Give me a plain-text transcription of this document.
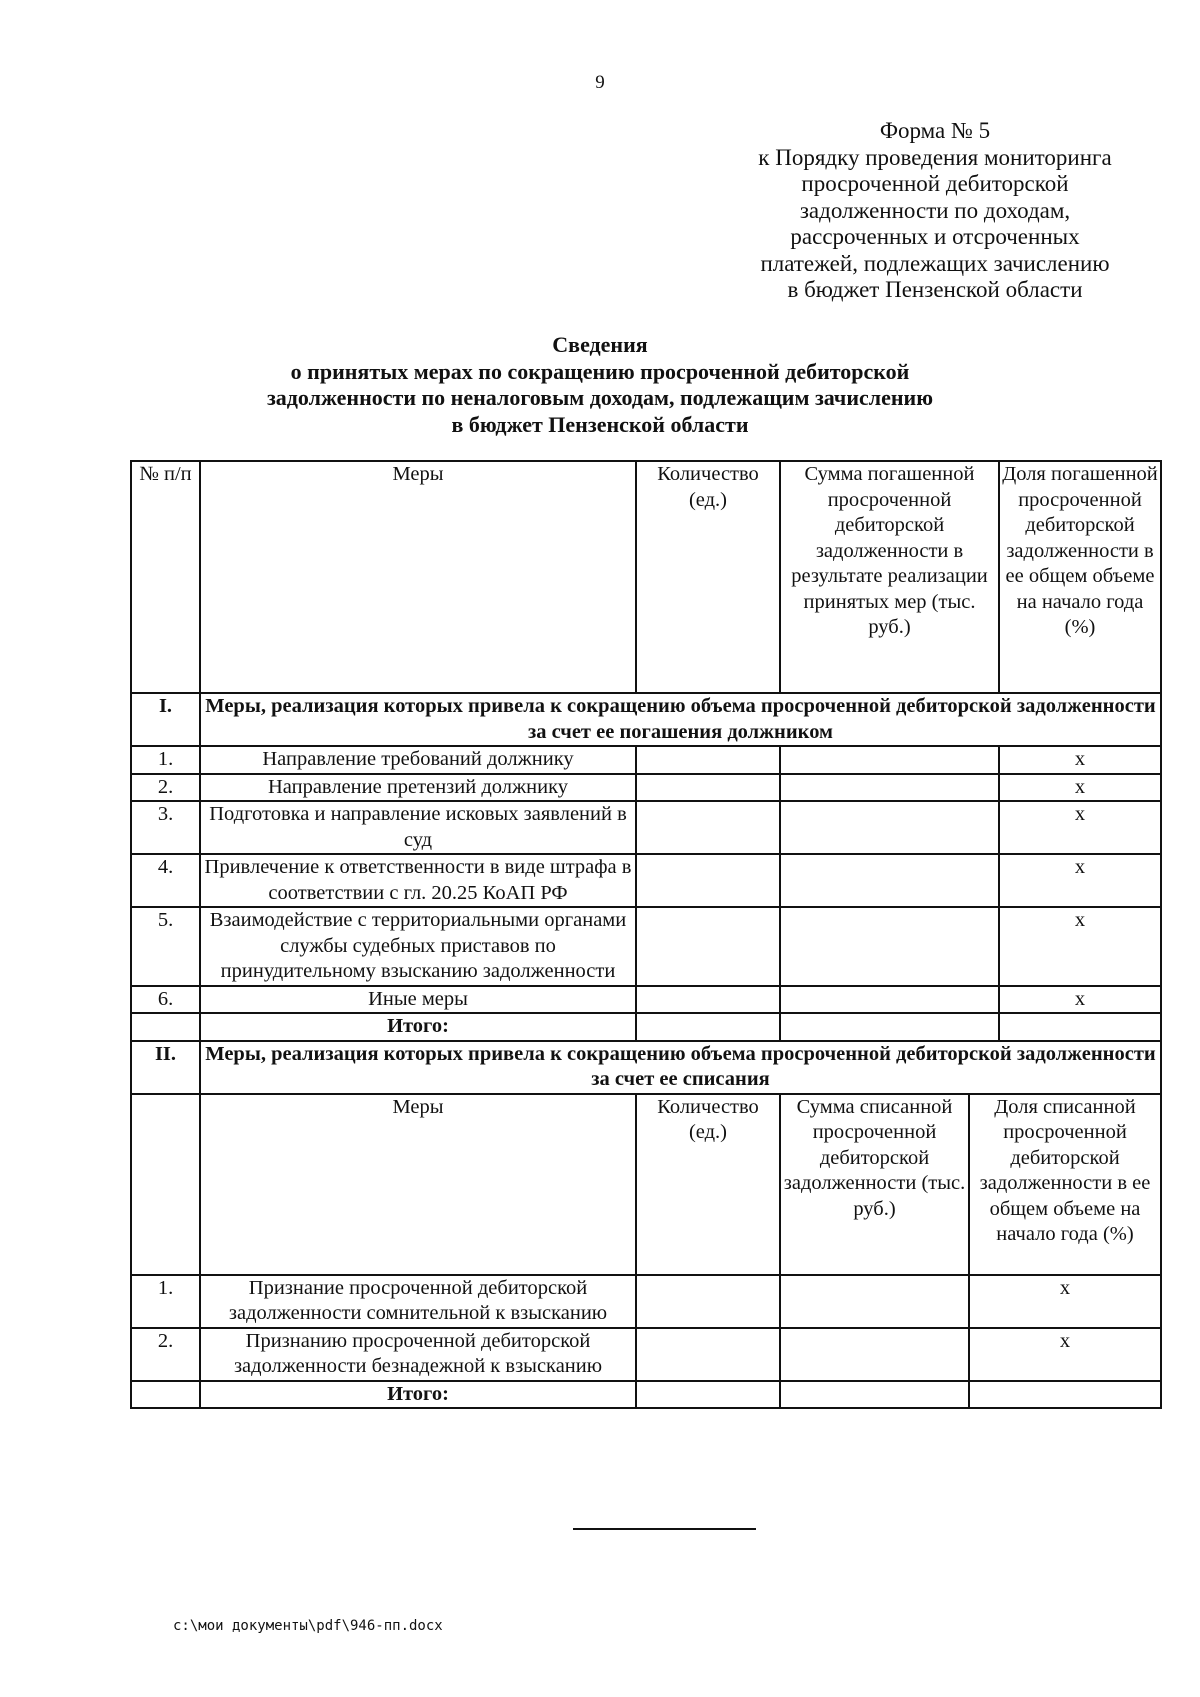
9
Форма № 5
к Порядку проведения мониторинга
просроченной дебиторской
задолженности по доходам,
рассроченных и отсроченных
платежей, подлежащих зачислению
в бюджет Пензенской области
Сведения
о принятых мерах по сокращению просроченной дебиторской
задолженности по неналоговым доходам, подлежащим зачислению
в бюджет Пензенской области
№ п/п	Меры	Количество (ед.)	Сумма погашенной просроченной дебиторской задолженности в результате реализации принятых мер (тыс. руб.)		Доля погашенной просроченной дебиторской задолженности в ее общем объеме на начало года (%)
I.	Меры, реализация которых привела к сокращению объема просроченной дебиторской задолженности за счет ее погашения должником				
1.	Направление требований должнику				х
2.	Направление претензий должнику				х
3.	Подготовка и направление исковых заявлений в суд				х
4.	Привлечение к ответственности в виде штрафа в соответствии с гл. 20.25 КоАП РФ				х
5.	Взаимодействие с территориальными органами службы судебных приставов по принудительному взысканию задолженности				х
6.	Иные меры				х
	Итого:				
II.	Меры, реализация которых привела к сокращению объема просроченной дебиторской задолженности за счет ее списания				
	Меры	Количество (ед.)	Сумма списанной просроченной дебиторской задолженности (тыс. руб.)	Доля списанной просроченной дебиторской задолженности в ее общем объеме на начало года (%)	
1.	Признание просроченной дебиторской задолженности сомнительной к взысканию			х	
2.	Признанию просроченной дебиторской задолженности безнадежной к взысканию			х	
	Итого:				
c:\мои документы\pdf\946-пп.docx
